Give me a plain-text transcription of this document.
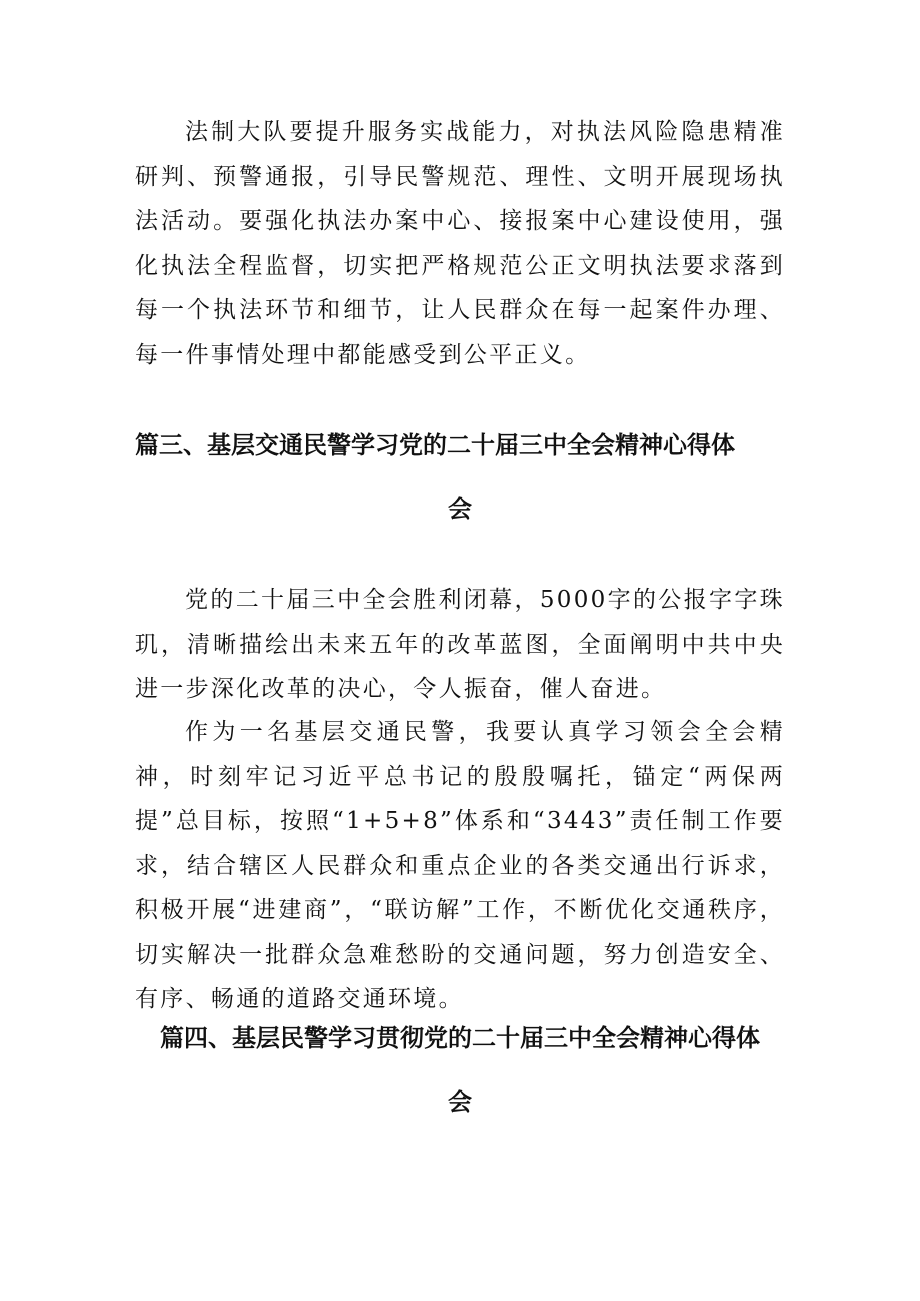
法制大队要提升服务实战能力，对执法风险隐患精准研判、预警通报，引导民警规范、理性、文明开展现场执法活动。要强化执法办案中心、接报案中心建设使用，强化执法全程监督，切实把严格规范公正文明执法要求落到每一个执法环节和细节，让人民群众在每一起案件办理、每一件事情处理中都能感受到公平正义。

篇三、基层交通民警学习党的二十届三中全会精神心得体
会

党的二十届三中全会胜利闭幕，5000字的公报字字珠玑，清晰描绘出未来五年的改革蓝图，全面阐明中共中央进一步深化改革的决心，令人振奋，催人奋进。

作为一名基层交通民警，我要认真学习领会全会精神，时刻牢记习近平总书记的殷殷嘱托，锚定“两保两提”总目标，按照“1+5+8”体系和“3443”责任制工作要求，结合辖区人民群众和重点企业的各类交通出行诉求，积极开展“进建商”，“联访解”工作，不断优化交通秩序，切实解决一批群众急难愁盼的交通问题，努力创造安全、有序、畅通的道路交通环境。

篇四、基层民警学习贯彻党的二十届三中全会精神心得体
会
